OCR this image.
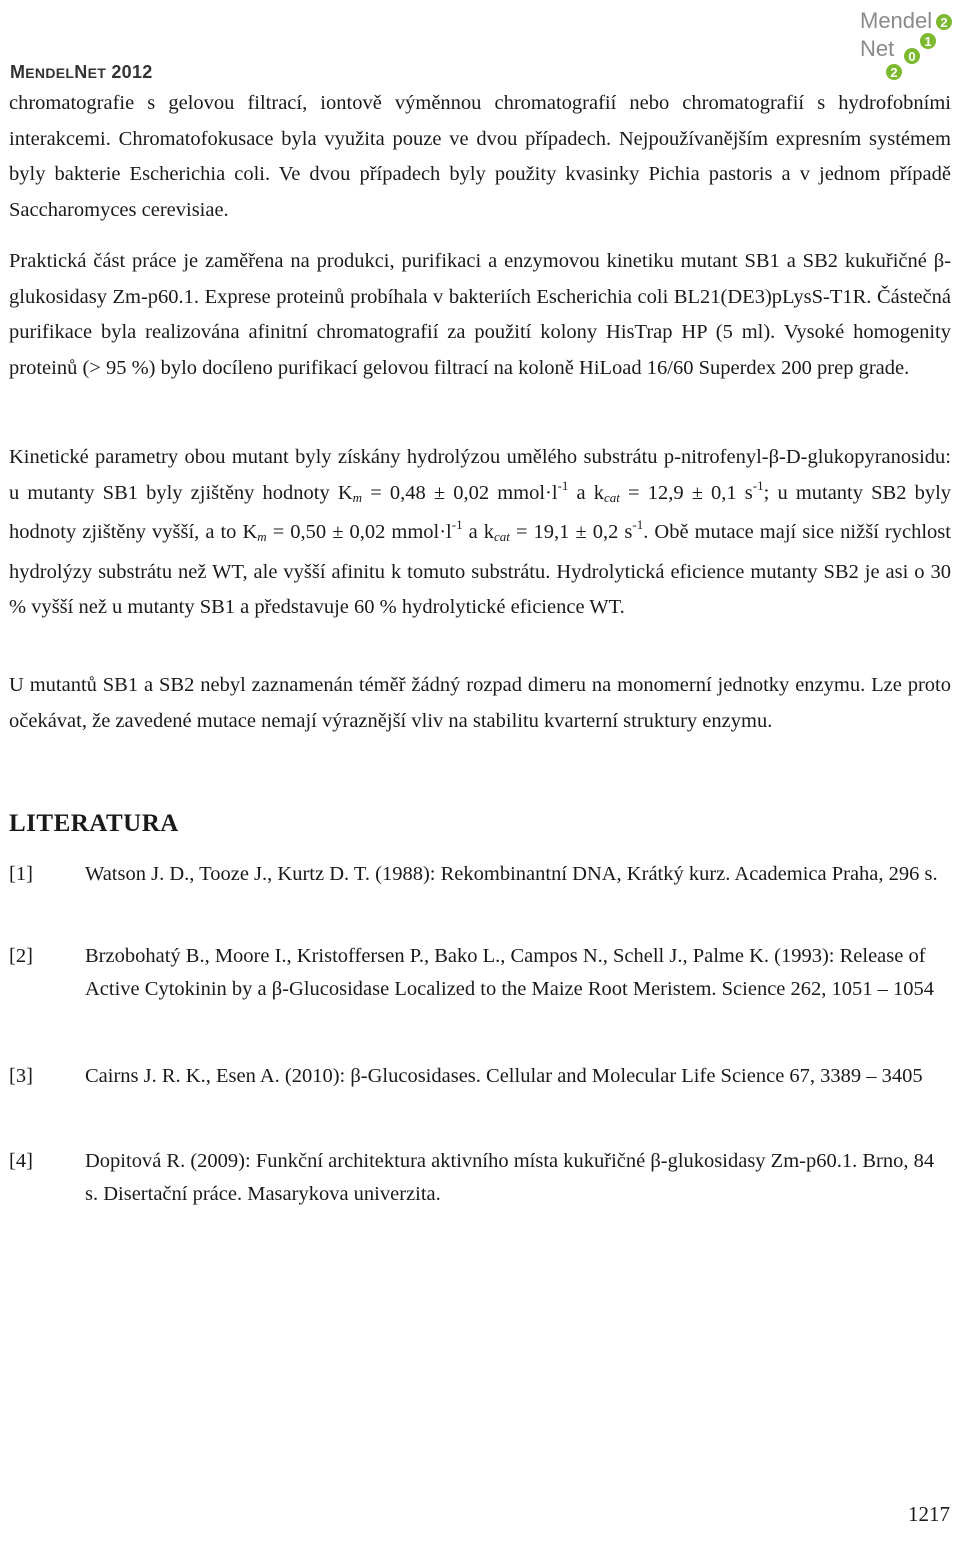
MENDELNET 2012
Mendel
Net
2
1
0
2
chromatografie s gelovou filtrací, iontově výměnnou chromatografií nebo chromatografií s hydrofobními interakcemi. Chromatofokusace byla využita pouze ve dvou případech. Nejpoužívanějším expresním systémem byly bakterie Escherichia coli. Ve dvou případech byly použity kvasinky Pichia pastoris a v jednom případě Saccharomyces cerevisiae.
Praktická část práce je zaměřena na produkci, purifikaci a enzymovou kinetiku mutant SB1 a SB2 kukuřičné β-glukosidasy Zm-p60.1. Exprese proteinů probíhala v bakteriích Escherichia coli BL21(DE3)pLysS-T1R. Částečná purifikace byla realizována afinitní chromatografií za použití kolony HisTrap HP (5 ml). Vysoké homogenity proteinů (> 95 %) bylo docíleno purifikací gelovou filtrací na koloně HiLoad 16/60 Superdex 200 prep grade.
Kinetické parametry obou mutant byly získány hydrolýzou umělého substrátu p-nitrofenyl-β-D-glukopyranosidu: u mutanty SB1 byly zjištěny hodnoty $K_m = 0,48 \pm 0,02$ $mmol\cdot l^{-1}$ a $k_{cat} = 12,9 \pm 0,1$ $s^{-1}$; u mutanty SB2 byly hodnoty zjištěny vyšší, a to $K_m = 0,50 \pm 0,02$ $mmol\cdot l^{-1}$ a $k_{cat} = 19,1 \pm 0,2$ $s^{-1}$. Obě mutace mají sice nižší rychlost hydrolýzy substrátu než WT, ale vyšší afinitu k tomuto substrátu. Hydrolytická eficience mutanty SB2 je asi o 30 % vyšší než u mutanty SB1 a představuje 60 % hydrolytické eficience WT.
U mutantů SB1 a SB2 nebyl zaznamenán téměř žádný rozpad dimeru na monomerní jednotky enzymu. Lze proto očekávat, že zavedené mutace nemají výraznější vliv na stabilitu kvarterní struktury enzymu.
LITERATURA
[1]	Watson J. D., Tooze J., Kurtz D. T. (1988): Rekombinantní DNA, Krátký kurz. Academica Praha, 296 s.
[2]	Brzobohatý B., Moore I., Kristoffersen P., Bako L., Campos N., Schell J., Palme K. (1993): Release of Active Cytokinin by a β-Glucosidase Localized to the Maize Root Meristem. Science 262, 1051 – 1054
[3]	Cairns J. R. K., Esen A. (2010): β-Glucosidases. Cellular and Molecular Life Science 67, 3389 – 3405
[4]	Dopitová R. (2009): Funkční architektura aktivního místa kukuřičné β-glukosidasy Zm-p60.1. Brno, 84 s. Disertační práce. Masarykova univerzita.
1217
